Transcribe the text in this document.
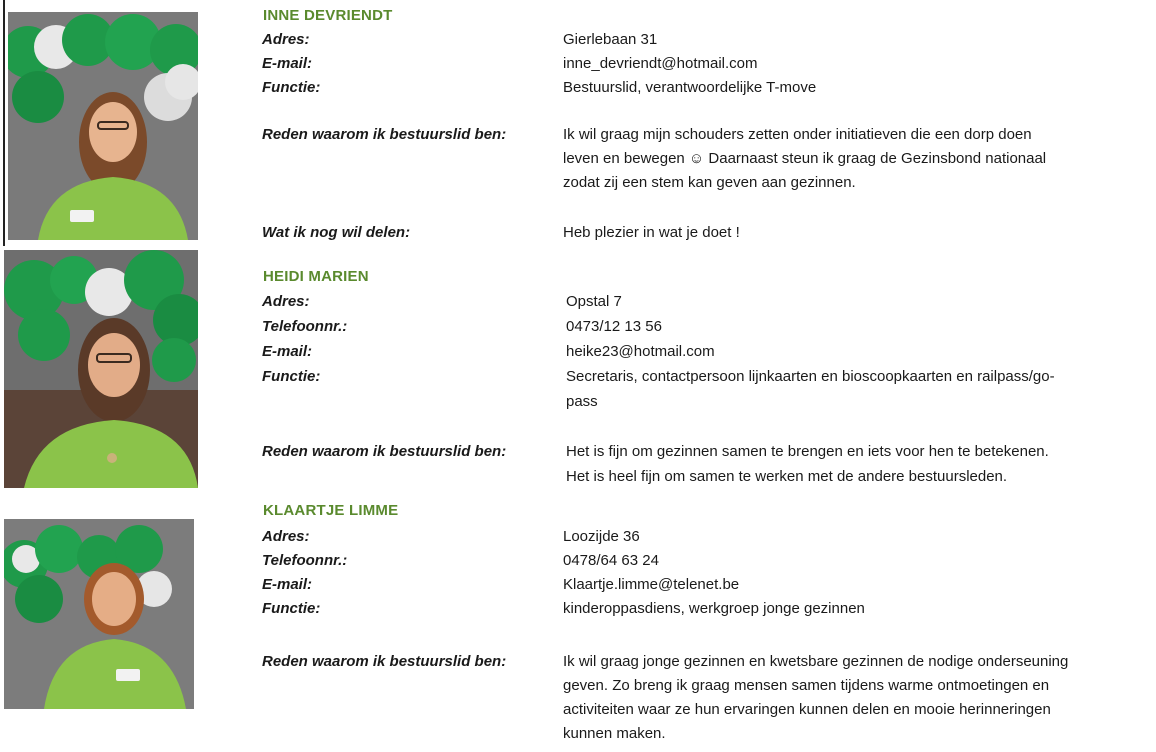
INNE DEVRIENDT
Adres:	Gierlebaan 31
E-mail:	inne_devriendt@hotmail.com
Functie:	Bestuurslid, verantwoordelijke T-move
Reden waarom ik bestuurslid ben:	Ik wil graag mijn schouders zetten onder initiatieven die een dorp doen
leven en bewegen ☺ Daarnaast steun ik graag de Gezinsbond nationaal
zodat zij een stem kan geven aan gezinnen.
Wat ik nog wil delen:	Heb plezier in wat je doet !
HEIDI MARIEN
Adres:	Opstal 7
Telefoonnr.:	0473/12 13 56
E-mail:	heike23@hotmail.com
Functie:	Secretaris, contactpersoon lijnkaarten en bioscoopkaarten en railpass/go-
pass
Reden waarom ik bestuurslid ben:	Het is fijn om gezinnen samen te brengen en iets voor hen te betekenen.
Het is heel fijn om samen te werken met de andere bestuursleden.
KLAARTJE LIMME
Adres:	Loozijde 36
Telefoonnr.:	0478/64 63 24
E-mail:	Klaartje.limme@telenet.be
Functie:	kinderoppasdiens, werkgroep jonge gezinnen
Reden waarom ik bestuurslid ben:	Ik wil graag jonge gezinnen en kwetsbare gezinnen de nodige onderseuning
geven. Zo breng ik graag mensen samen tijdens warme ontmoetingen en
activiteiten waar ze hun ervaringen kunnen delen en mooie herinneringen
kunnen maken.
